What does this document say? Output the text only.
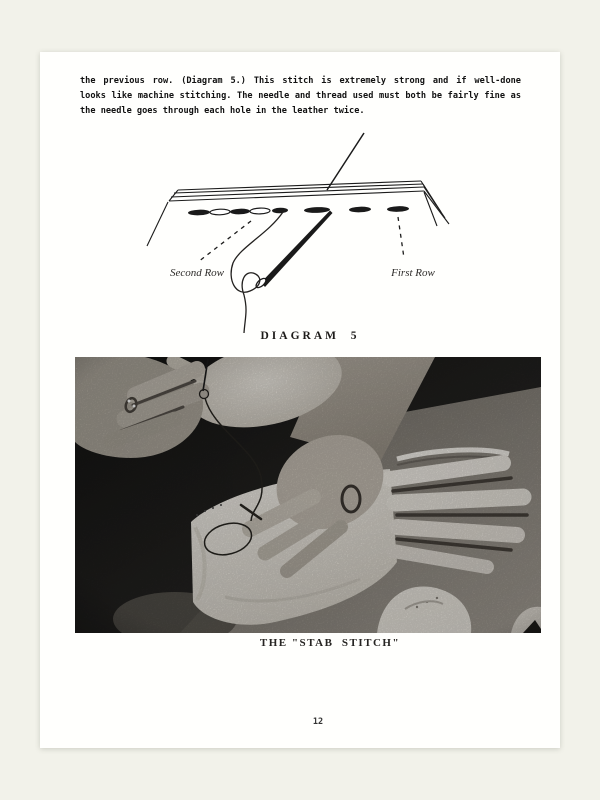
the previous row. (Diagram 5.) This stitch is extremely strong and if well-done
looks like machine stitching. The needle and thread used must both be fairly fine as
the needle goes through each hole in the leather twice.
Second Row	First Row
DIAGRAM  5
THE "STAB  STITCH"
12
